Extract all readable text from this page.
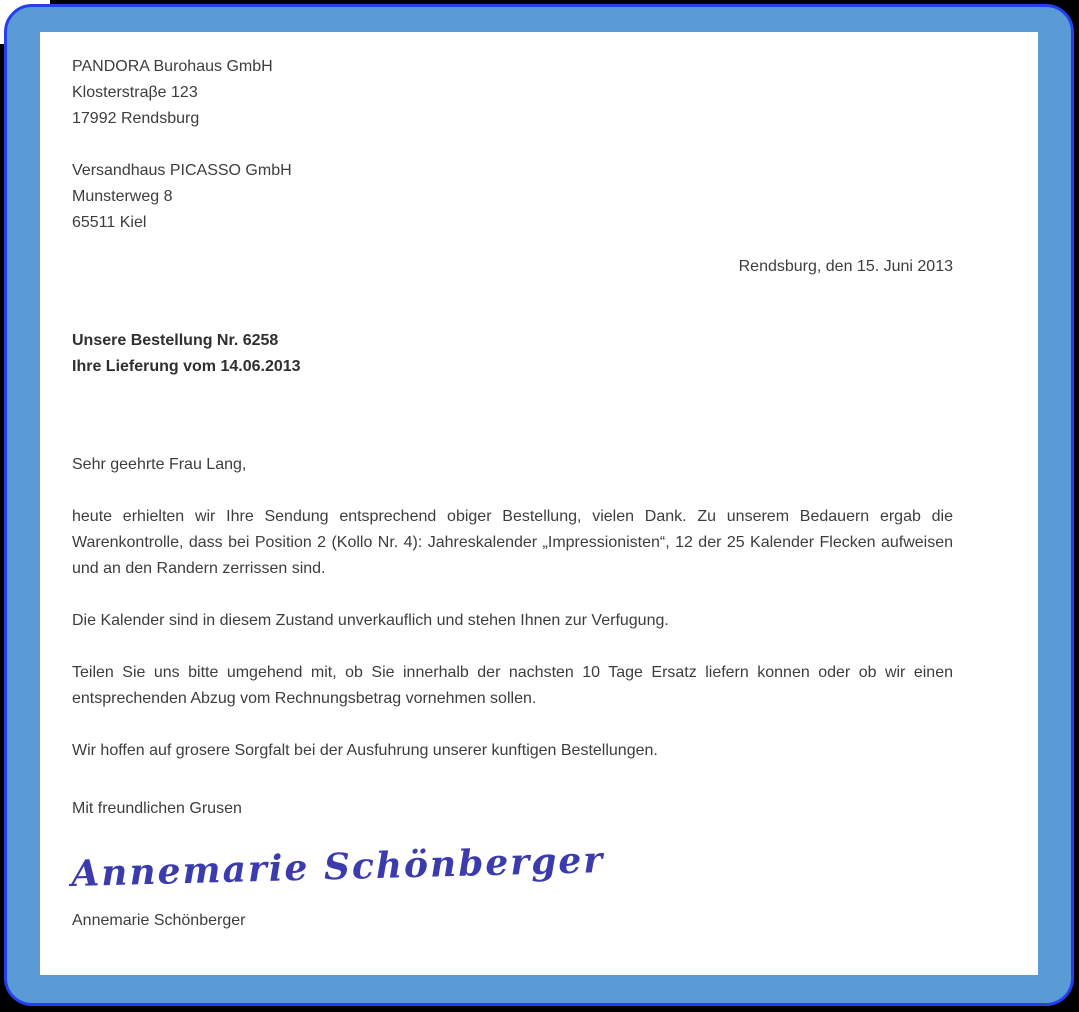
PANDORA Burohaus GmbH
Klosterstraβe 123
17992 Rendsburg
Versandhaus PICASSO GmbH
Munsterweg 8
65511 Kiel
Rendsburg, den 15. Juni 2013
Unsere Bestellung Nr. 6258
Ihre Lieferung vom 14.06.2013
Sehr geehrte Frau Lang,

heute erhielten wir Ihre Sendung entsprechend obiger Bestellung, vielen Dank. Zu unserem Bedauern ergab die Warenkontrolle, dass bei Position 2 (Kollo Nr. 4): Jahreskalender „Impressionisten“, 12 der 25 Kalender Flecken aufweisen und an den Randern zerrissen sind.

Die Kalender sind in diesem Zustand unverkauflich und stehen Ihnen zur Verfugung.

Teilen Sie uns bitte umgehend mit, ob Sie innerhalb der nachsten 10 Tage Ersatz liefern konnen oder ob wir einen entsprechenden Abzug vom Rechnungsbetrag vornehmen sollen.

Wir hoffen auf grosere Sorgfalt bei der Ausfuhrung unserer kunftigen Bestellungen.

Mit freundlichen Grusen
Annemarie Schönberger
Annemarie Schönberger
